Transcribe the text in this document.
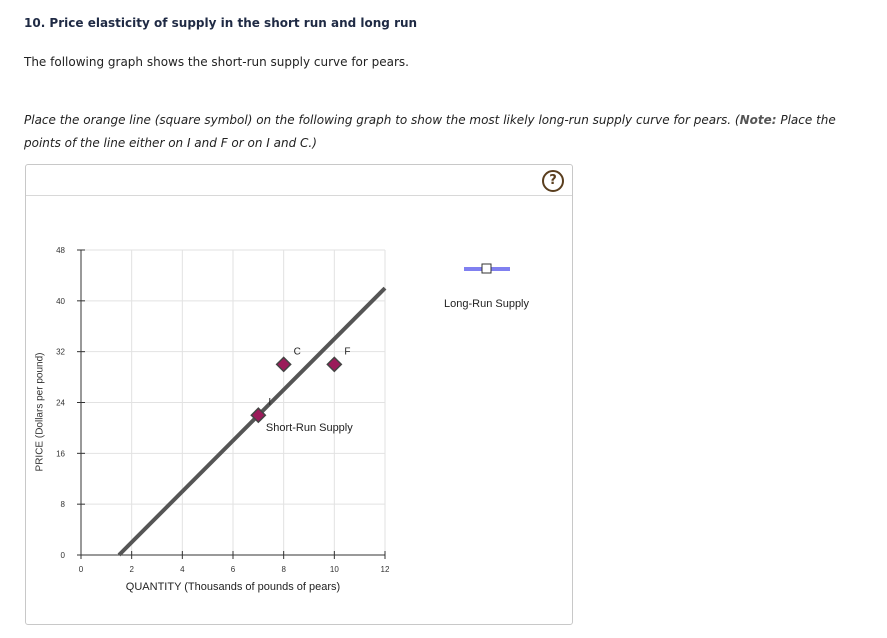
10. Price elasticity of supply in the short run and long run
The following graph shows the short-run supply curve for pears.
Place the orange line (square symbol) on the following graph to show the most likely long-run supply curve for pears. (Note: Place the points of the line either on I and F or on I and C.)
?
0
8
16
24
32
40
48
0	2	4	6	8	10	12
I
C	F
Short-Run Supply
Long-Run Supply
PRICE (Dollars per pound)
QUANTITY (Thousands of pounds of pears)
